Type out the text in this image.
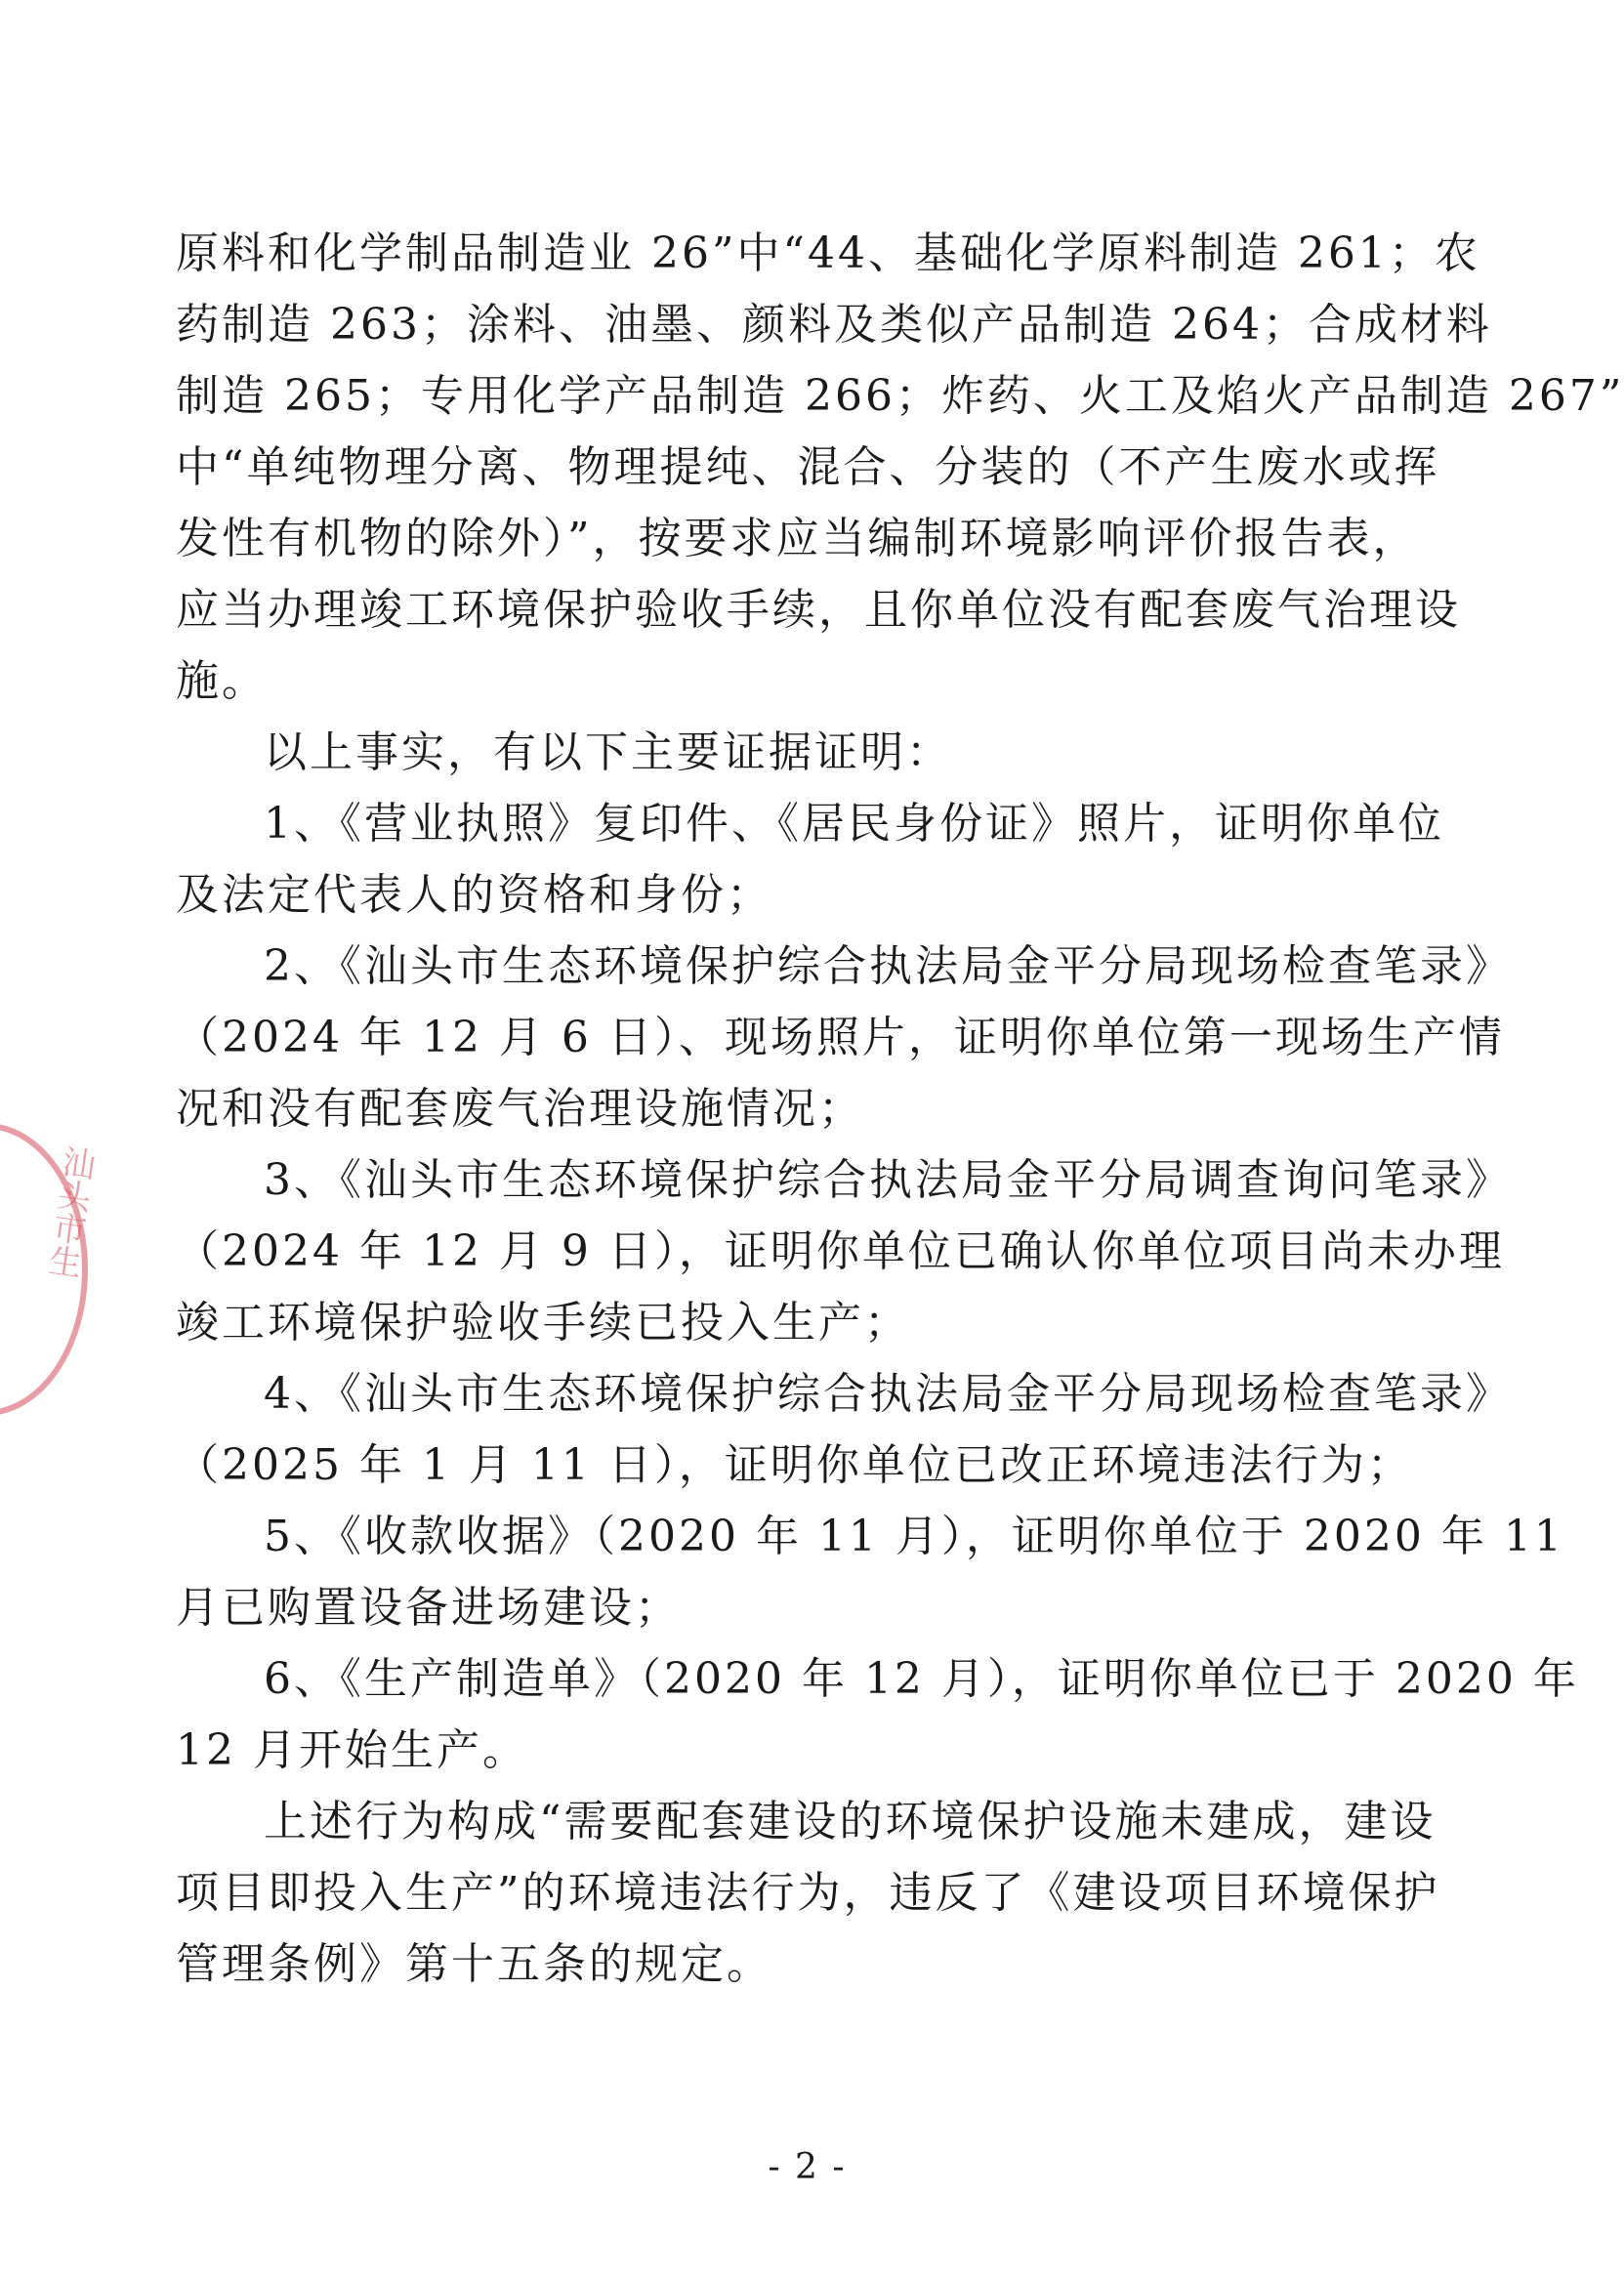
汕头市生
原料和化学制品制造业 26”中“44、基础化学原料制造 261；农
药制造 263；涂料、油墨、颜料及类似产品制造 264；合成材料
制造 265；专用化学产品制造 266；炸药、火工及焰火产品制造 267”
中“单纯物理分离、物理提纯、混合、分装的（不产生废水或挥
发性有机物的除外）”，按要求应当编制环境影响评价报告表，
应当办理竣工环境保护验收手续，且你单位没有配套废气治理设
施。
以上事实，有以下主要证据证明：
1、《营业执照》复印件、《居民身份证》照片，证明你单位
及法定代表人的资格和身份；
2、《汕头市生态环境保护综合执法局金平分局现场检查笔录》
（2024 年 12 月 6 日）、现场照片，证明你单位第一现场生产情
况和没有配套废气治理设施情况；
3、《汕头市生态环境保护综合执法局金平分局调查询问笔录》
（2024 年 12 月 9 日），证明你单位已确认你单位项目尚未办理
竣工环境保护验收手续已投入生产；
4、《汕头市生态环境保护综合执法局金平分局现场检查笔录》
（2025 年 1 月 11 日），证明你单位已改正环境违法行为；
5、《收款收据》（2020 年 11 月），证明你单位于 2020 年 11
月已购置设备进场建设；
6、《生产制造单》（2020 年 12 月），证明你单位已于 2020 年
12 月开始生产。
上述行为构成“需要配套建设的环境保护设施未建成，建设
项目即投入生产”的环境违法行为，违反了《建设项目环境保护
管理条例》第十五条的规定。
- 2 -
